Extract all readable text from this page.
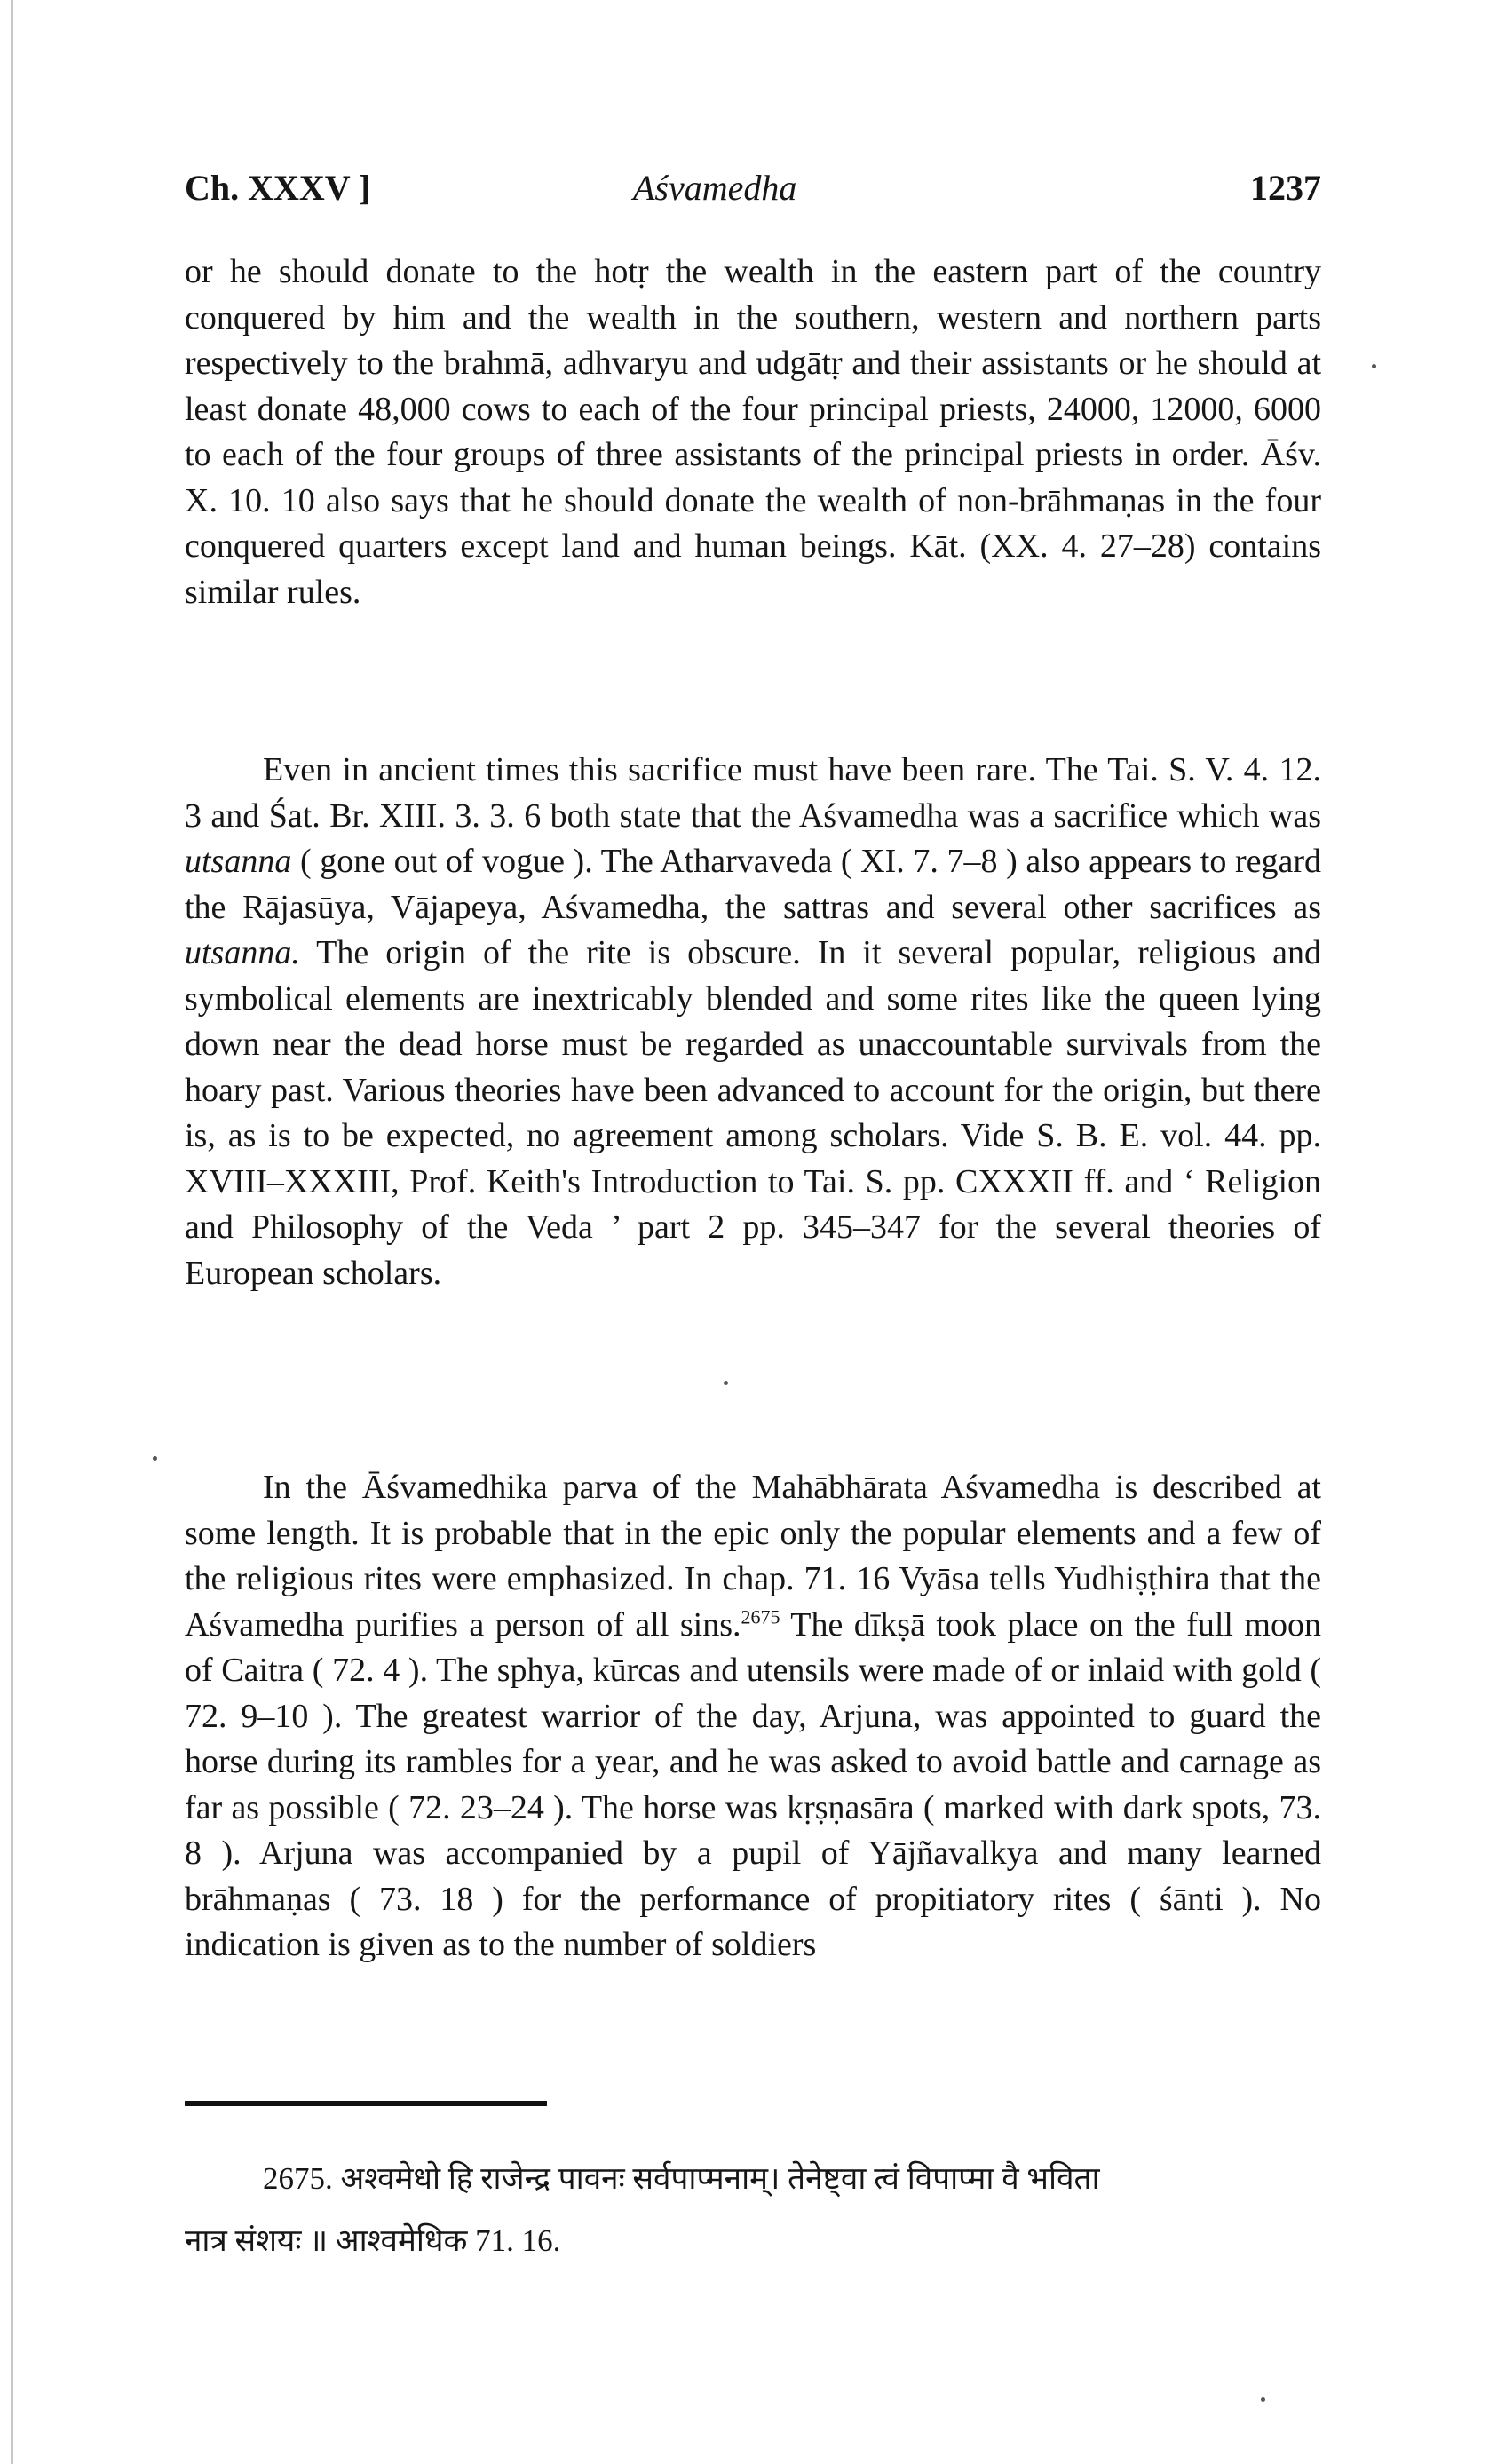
Ch. XXXV ]	Aśvamedha	1237

or he should donate to the hotṛ the wealth in the eastern part of the country conquered by him and the wealth in the southern, western and northern parts respectively to the brahmā, adhvaryu and udgātṛ and their assistants or he should at least donate 48,000 cows to each of the four principal priests, 24000, 12000, 6000 to each of the four groups of three assistants of the principal priests in order. Āśv. X. 10. 10 also says that he should donate the wealth of non-brāhmaṇas in the four conquered quarters except land and human beings. Kāt. (XX. 4. 27–28) contains similar rules.

Even in ancient times this sacrifice must have been rare. The Tai. S. V. 4. 12. 3 and Śat. Br. XIII. 3. 3. 6 both state that the Aśvamedha was a sacrifice which was utsanna ( gone out of vogue ). The Atharvaveda ( XI. 7. 7–8 ) also appears to regard the Rājasūya, Vājapeya, Aśvamedha, the sattras and several other sacrifices as utsanna. The origin of the rite is obscure. In it several popular, religious and symbolical elements are inextricably blended and some rites like the queen lying down near the dead horse must be regarded as unaccountable survivals from the hoary past. Various theories have been advanced to account for the origin, but there is, as is to be expected, no agreement among scholars. Vide S. B. E. vol. 44. pp. XVIII–XXXIII, Prof. Keith's Introduction to Tai. S. pp. CXXXII ff. and ‘ Religion and Philosophy of the Veda ’ part 2 pp. 345–347 for the several theories of European scholars.

In the Āśvamedhika parva of the Mahābhārata Aśvamedha is described at some length. It is probable that in the epic only the popular elements and a few of the religious rites were emphasized. In chap. 71. 16 Vyāsa tells Yudhiṣṭhira that the Aśvamedha purifies a person of all sins.$^{2675}$ The dīkṣā took place on the full moon of Caitra ( 72. 4 ). The sphya, kūrcas and utensils were made of or inlaid with gold ( 72. 9–10 ). The greatest warrior of the day, Arjuna, was appointed to guard the horse during its rambles for a year, and he was asked to avoid battle and carnage as far as possible ( 72. 23–24 ). The horse was kṛṣṇasāra ( marked with dark spots, 73. 8 ). Arjuna was accompanied by a pupil of Yājñavalkya and many learned brāhmaṇas ( 73. 18 ) for the performance of propitiatory rites ( śānti ). No indication is given as to the number of soldiers

2675. अश्वमेधो हि राजेन्द्र पावनः सर्वपाप्मनाम्। तेनेष्ट्वा त्वं विपाप्मा वै भविता

नात्र संशयः ॥ आश्वमेधिक 71. 16.
